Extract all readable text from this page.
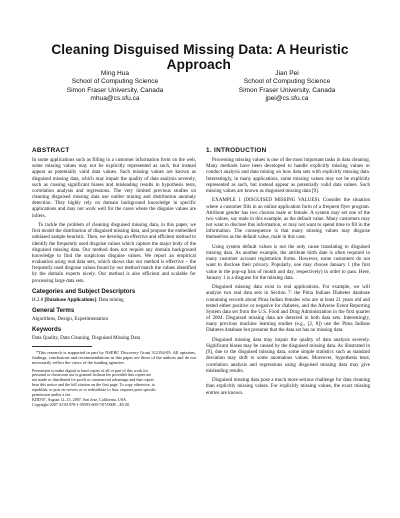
Cleaning Disguised Missing Data: A Heuristic Approach*
Ming Hua
School of Computing Science
Simon Fraser University, Canada
mhua@cs.sfu.ca
Jian Pei
School of Computing Science
Simon Fraser University, Canada
jpei@cs.sfu.ca
ABSTRACT

In some applications such as filling in a customer information form on the web, some missing values may not be explicitly represented as such, but instead appear as potentially valid data values. Such missing values are known as disguised missing data, which may impair the quality of data analysis severely, such as causing significant biases and misleading results in hypothesis tests, correlation analysis and regressions. The very limited previous studies on cleaning disguised missing data use outlier mining and distribution anomaly detection. They highly rely on domain background knowledge in specific applications and may not work well for the cases where the disguise values are inliers.

To tackle the problem of cleaning disguised missing data, in this paper, we first model the distribution of disguised missing data, and propose the embedded unbiased sample heuristic. Then, we develop an effective and efficient method to identify the frequently used disguise values which capture the major body of the disguised missing data. Our method does not require any domain background knowledge to find the suspicious disguise values. We report an empirical evaluation using real data sets, which shows that our method is effective – the frequently used disguise values found by our method match the values identified by the domain experts nicely. Our method is also efficient and scalable for processing large data sets.

Categories and Subject Descriptors

H.2.8 [Database Applications]: Data mining

General Terms

Algorithms, Design, Experimentation

Keywords

Data Quality, Data Cleaning, Disguised Missing Data

*This research is supported in part by NSERC Discovery Grant 312194-05. All opinions, findings, conclusions and recommendations in this paper are those of the authors and do not necessarily reflect the views of the funding agencies.

Permission to make digital or hard copies of all or part of this work for
personal or classroom use is granted without fee provided that copies are
not made or distributed for profit or commercial advantage and that copies
bear this notice and the full citation on the first page. To copy otherwise, to
republish, to post on servers or to redistribute to lists, requires prior specific
permission and/or a fee.
KDD'07, August 12–15, 2007, San Jose, California, USA.
Copyright 2007 ACM 978-1-59593-609-7/07/0008 ...$5.00.
1. INTRODUCTION

Processing missing values is one of the most important tasks in data cleaning. Many methods have been developed to handle explicitly missing values or conduct analysis and data mining on how data sets with explicitly missing data. Interestingly, in many applications, some missing values may not be explicitly represented as such, but instead appear as potentially valid data values. Such missing values are known as disguised missing data [9].

EXAMPLE 1 (DISGUISED MISSING VALUES). Consider the situation where a customer fills in an online application form of a frequent flyer program. Attribute gender has two choices male or female. A system may set one of the two values, say male in this example, as the default value. Many customers may not want to disclose this information, or may not want to spend time to fill in the information. The consequence is that many missing values may disguise themselves as the default value, male in this case.

Using system default values is not the only cause translating to disguised missing data. As another example, the attribute birth date is often required in many customer account registration forms. However, some customers do not want to disclose their privacy. Popularly, one may choose January 1 (the first value in the pop-up lists of month and day, respectively) in order to pass. Here, January 1 is a disguise for the missing data.

Disguised missing data exist in real applications. For example, we will analyze two real data sets in Section 7: the Pima Indians Diabetes database containing records about Pima Indian females who are at least 21 years old and tested either positive or negative for diabetes, and the Adverse Event Reporting System data set from the U.S. Food and Drug Administration in the first quarter of 2004. Disguised missing data are detected in both data sets. Interestingly, many previous machine learning studies (e.g., [2, 8]) use the Pima Indians Diabetes database but presume that the data set has no missing data.

Disguised missing data may impair the quality of data analysis severely. Significant biases may be caused by the disguised missing data. As illustrated in [9], due to the disguised missing data, some simple statistics such as standard deviation may shift to some anomalous values. Moreover, hypothesis tests, correlation analysis and regressions using disguised missing data may give misleading results.

Disguised missing data pose a much more serious challenge for data cleaning than explicitly missing values. For explicitly missing values, the exact missing entries are known.
